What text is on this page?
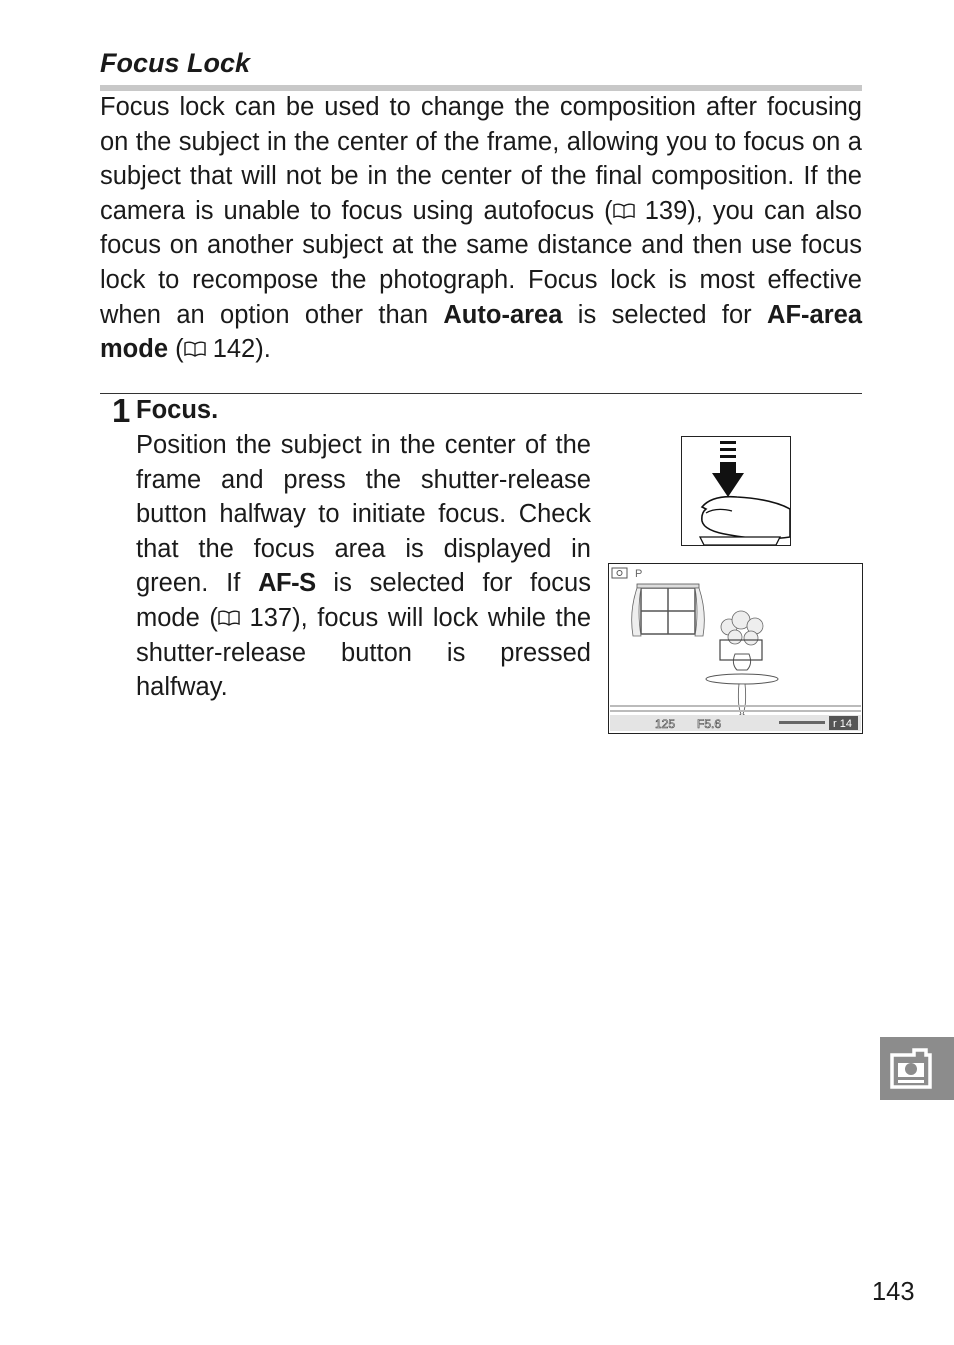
Focus Lock
Focus lock can be used to change the composition after focusing on the subject in the center of the frame, allowing you to focus on a subject that will not be in the center of the final composition. If the camera is unable to focus using autofocus ( 139), you can also focus on another subject at the same distance and then use focus lock to recompose the photograph. Focus lock is most effective when an option other than Auto-area is selected for AF-area mode ( 142).
1 Focus.
Position the subject in the center of the frame and press the shutter-release button halfway to initiate focus. Check that the focus area is displayed in green. If AF-S is selected for focus mode ( 137), focus will lock while the shutter-release button is pressed halfway.
P
125 F5.6	r 14
143
